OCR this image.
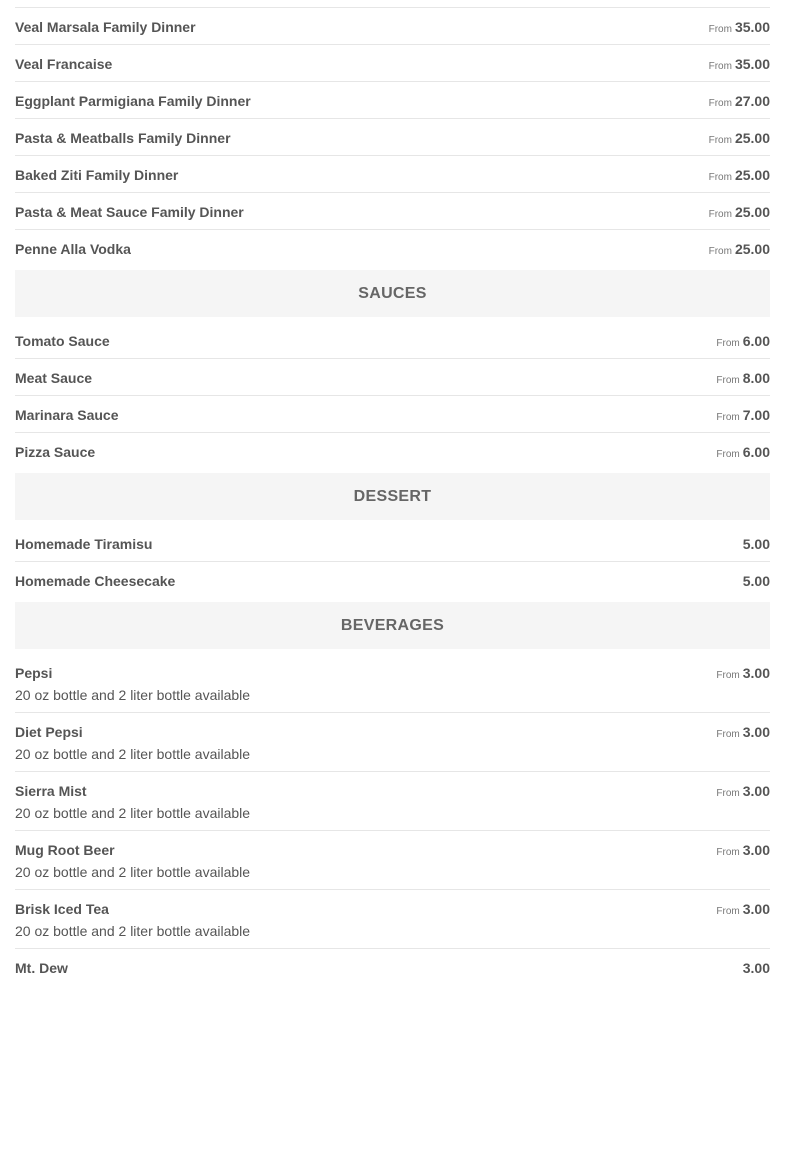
Veal Marsala Family Dinner	From 35.00
Veal Francaise	From 35.00
Eggplant Parmigiana Family Dinner	From 27.00
Pasta & Meatballs Family Dinner	From 25.00
Baked Ziti Family Dinner	From 25.00
Pasta & Meat Sauce Family Dinner	From 25.00
Penne Alla Vodka	From 25.00
SAUCES
Tomato Sauce	From 6.00
Meat Sauce	From 8.00
Marinara Sauce	From 7.00
Pizza Sauce	From 6.00
DESSERT
Homemade Tiramisu	5.00
Homemade Cheesecake	5.00
BEVERAGES
Pepsi	From 3.00
20 oz bottle and 2 liter bottle available
Diet Pepsi	From 3.00
20 oz bottle and 2 liter bottle available
Sierra Mist	From 3.00
20 oz bottle and 2 liter bottle available
Mug Root Beer	From 3.00
20 oz bottle and 2 liter bottle available
Brisk Iced Tea	From 3.00
20 oz bottle and 2 liter bottle available
Mt. Dew	3.00
